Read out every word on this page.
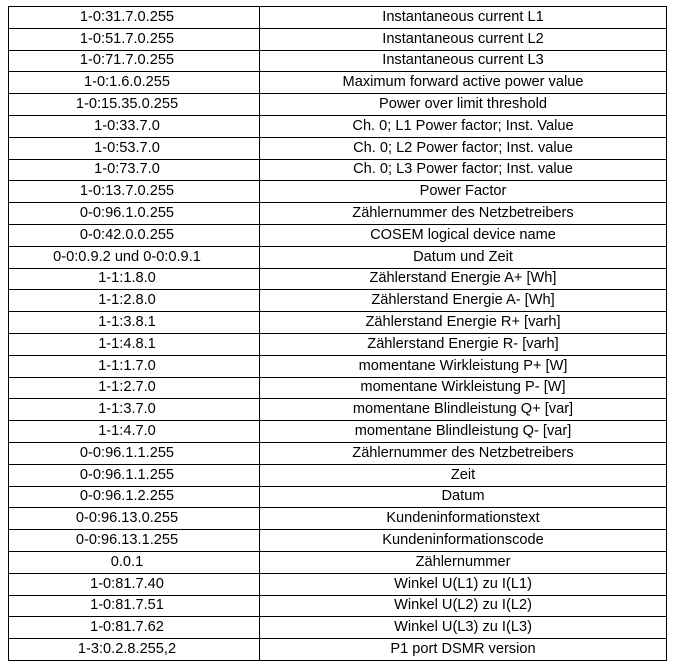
1-0:31.7.0.255	Instantaneous current L1
1-0:51.7.0.255	Instantaneous current L2
1-0:71.7.0.255	Instantaneous current L3
1-0:1.6.0.255	Maximum forward active power value
1-0:15.35.0.255	Power over limit threshold
1-0:33.7.0	Ch. 0; L1 Power factor; Inst. Value
1-0:53.7.0	Ch. 0; L2 Power factor; Inst. value
1-0:73.7.0	Ch. 0; L3 Power factor; Inst. value
1-0:13.7.0.255	Power Factor
0-0:96.1.0.255	Zählernummer des Netzbetreibers
0-0:42.0.0.255	COSEM logical device name
0-0:0.9.2 und 0-0:0.9.1	Datum und Zeit
1-1:1.8.0	Zählerstand Energie A+ [Wh]
1-1:2.8.0	Zählerstand Energie A- [Wh]
1-1:3.8.1	Zählerstand Energie R+ [varh]
1-1:4.8.1	Zählerstand Energie R- [varh]
1-1:1.7.0	momentane Wirkleistung P+ [W]
1-1:2.7.0	momentane Wirkleistung P- [W]
1-1:3.7.0	momentane Blindleistung Q+ [var]
1-1:4.7.0	momentane Blindleistung Q- [var]
0-0:96.1.1.255	Zählernummer des Netzbetreibers
0-0:96.1.1.255	Zeit
0-0:96.1.2.255	Datum
0-0:96.13.0.255	Kundeninformationstext
0-0:96.13.1.255	Kundeninformationscode
0.0.1	Zählernummer
1-0:81.7.40	Winkel U(L1) zu I(L1)
1-0:81.7.51	Winkel U(L2) zu I(L2)
1-0:81.7.62	Winkel U(L3) zu I(L3)
1-3:0.2.8.255,2	P1 port DSMR version
